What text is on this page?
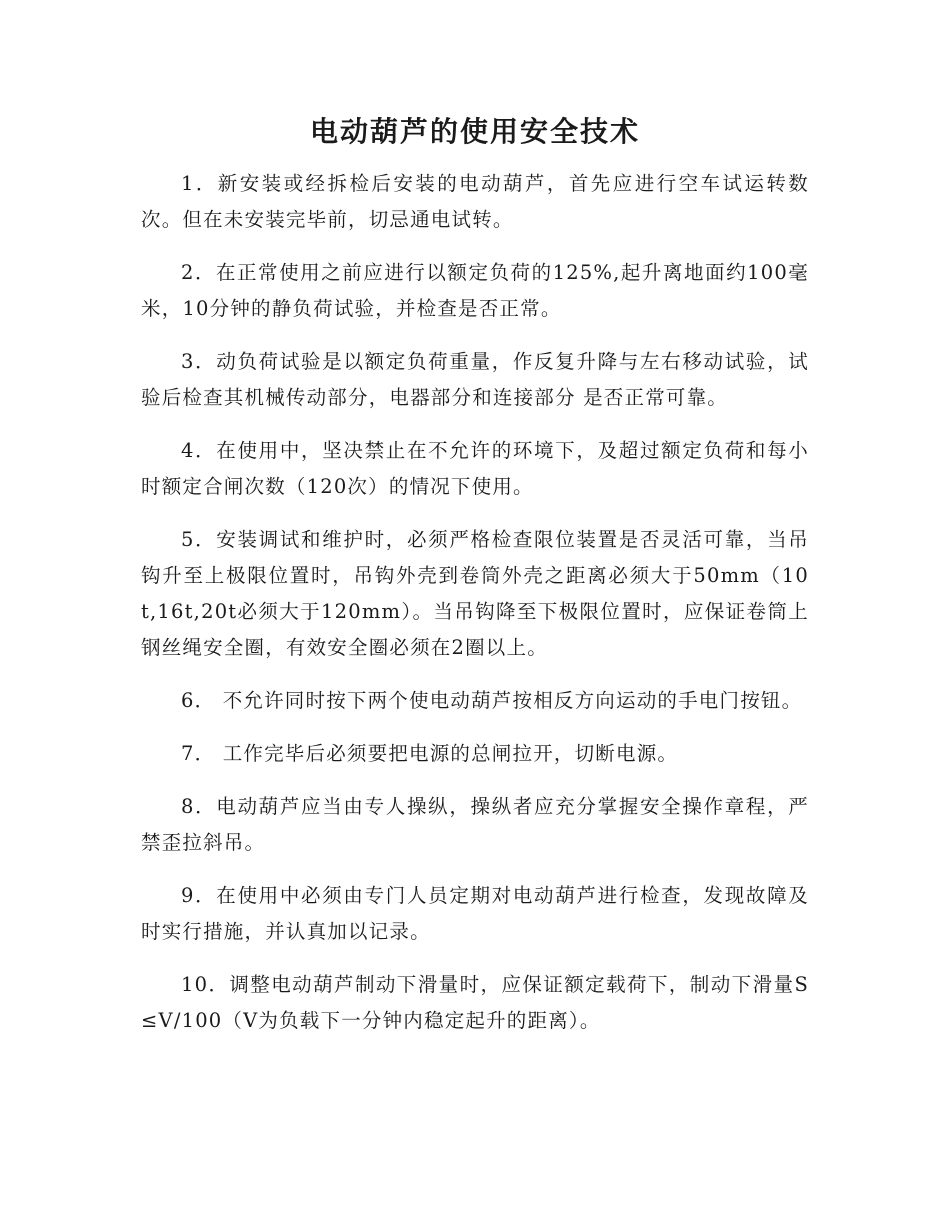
电动葫芦的使用安全技术

1．新安装或经拆检后安装的电动葫芦，首先应进行空车试运转数次。但在未安装完毕前，切忌通电试转。

2．在正常使用之前应进行以额定负荷的125%,起升离地面约100毫米，10分钟的静负荷试验，并检查是否正常。

3．动负荷试验是以额定负荷重量，作反复升降与左右移动试验，试验后检查其机械传动部分，电器部分和连接部分 是否正常可靠。

4．在使用中，坚决禁止在不允许的环境下，及超过额定负荷和每小时额定合闸次数（120次）的情况下使用。

5．安装调试和维护时，必须严格检查限位装置是否灵活可靠，当吊钩升至上极限位置时，吊钩外壳到卷筒外壳之距离必须大于50mm（10t,16t,20t必须大于120mm）。当吊钩降至下极限位置时，应保证卷筒上钢丝绳安全圈，有效安全圈必须在2圈以上。

6． 不允许同时按下两个使电动葫芦按相反方向运动的手电门按钮。

7． 工作完毕后必须要把电源的总闸拉开，切断电源。

8．电动葫芦应当由专人操纵，操纵者应充分掌握安全操作章程，严禁歪拉斜吊。

9．在使用中必须由专门人员定期对电动葫芦进行检查，发现故障及时实行措施，并认真加以记录。

10．调整电动葫芦制动下滑量时，应保证额定载荷下，制动下滑量S≤V/100（V为负载下一分钟内稳定起升的距离）。
